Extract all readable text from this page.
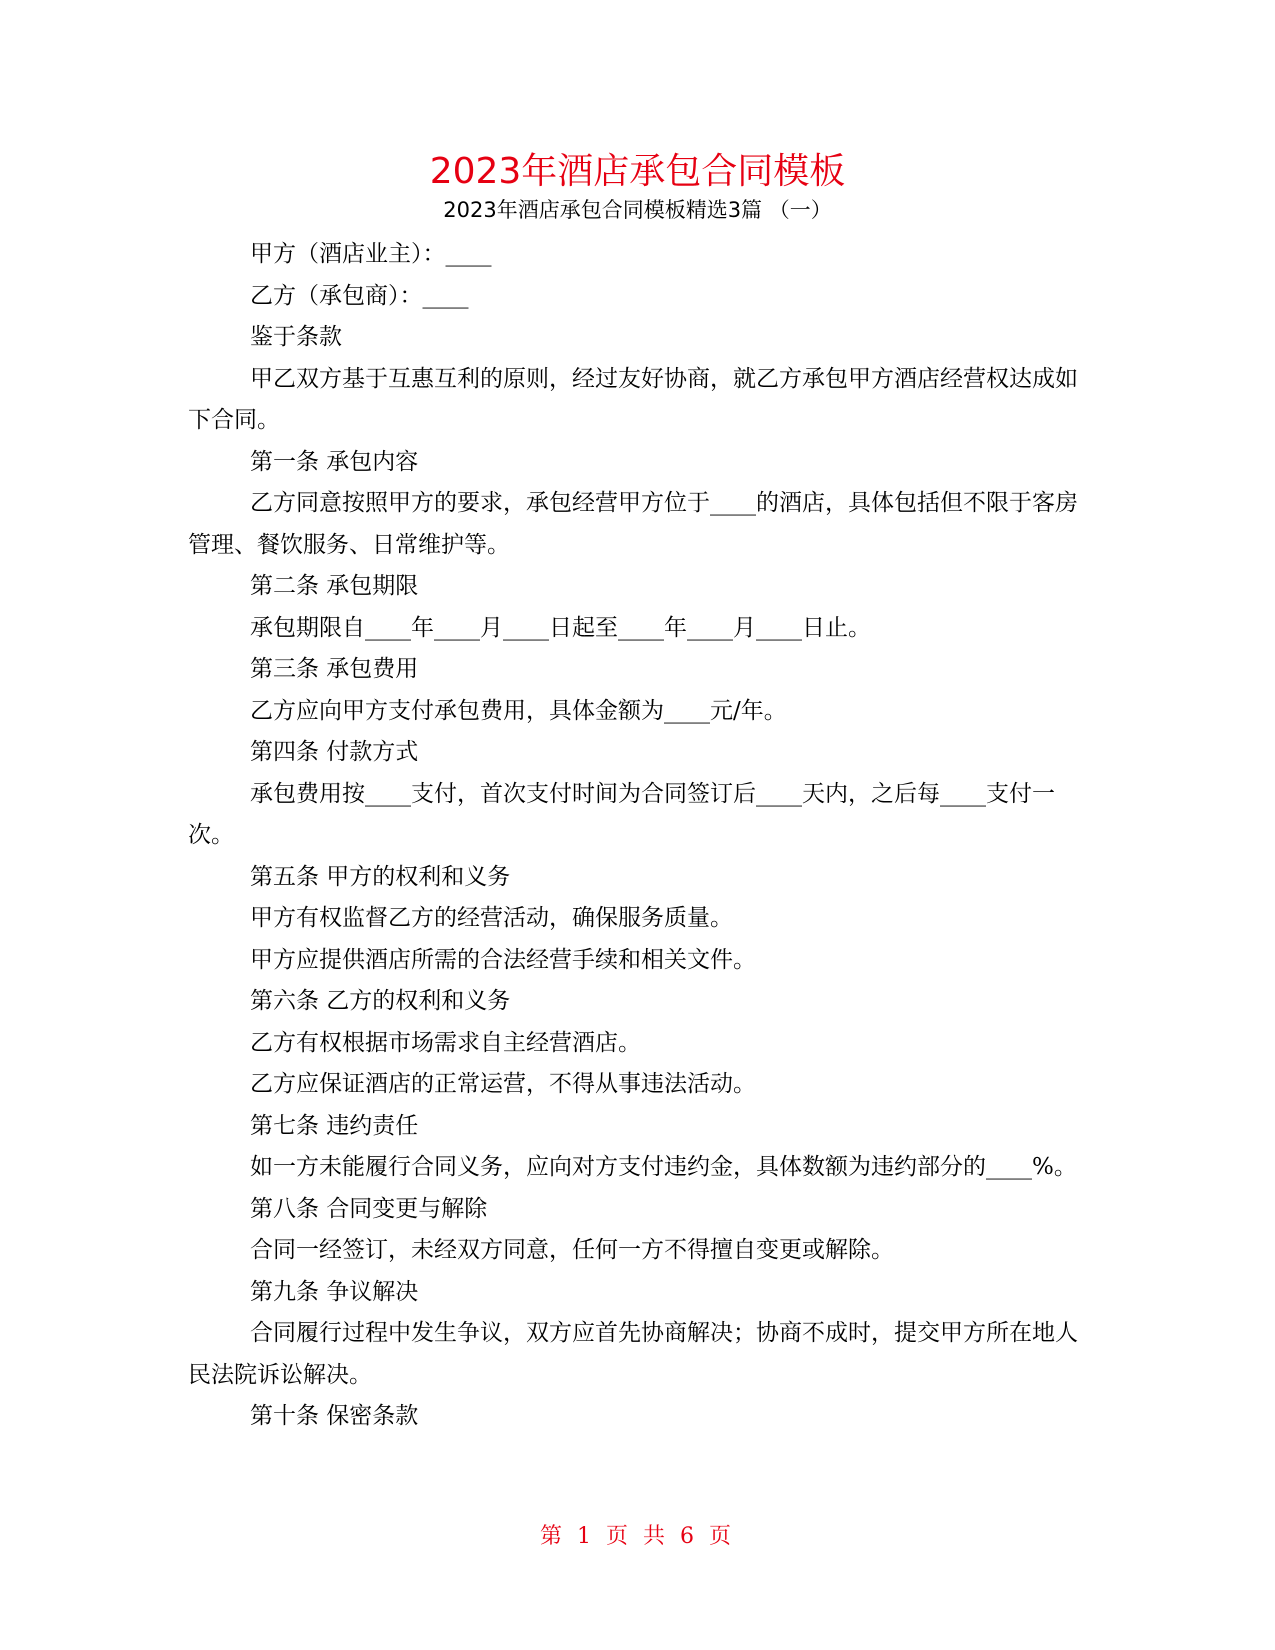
2023年酒店承包合同模板
2023年酒店承包合同模板精选3篇 （一）

甲方（酒店业主）：____

乙方（承包商）：____

鉴于条款

甲乙双方基于互惠互利的原则，经过友好协商，就乙方承包甲方酒店经营权达成如下合同。

第一条 承包内容

乙方同意按照甲方的要求，承包经营甲方位于____的酒店，具体包括但不限于客房管理、餐饮服务、日常维护等。

第二条 承包期限

承包期限自____年____月____日起至____年____月____日止。

第三条 承包费用

乙方应向甲方支付承包费用，具体金额为____元/年。

第四条 付款方式

承包费用按____支付，首次支付时间为合同签订后____天内，之后每____支付一次。

第五条 甲方的权利和义务

甲方有权监督乙方的经营活动，确保服务质量。

甲方应提供酒店所需的合法经营手续和相关文件。

第六条 乙方的权利和义务

乙方有权根据市场需求自主经营酒店。

乙方应保证酒店的正常运营，不得从事违法活动。

第七条 违约责任

如一方未能履行合同义务，应向对方支付违约金，具体数额为违约部分的____%。

第八条 合同变更与解除

合同一经签订，未经双方同意，任何一方不得擅自变更或解除。

第九条 争议解决

合同履行过程中发生争议，双方应首先协商解决；协商不成时，提交甲方所在地人民法院诉讼解决。

第十条 保密条款

第 1 页 共 6 页
